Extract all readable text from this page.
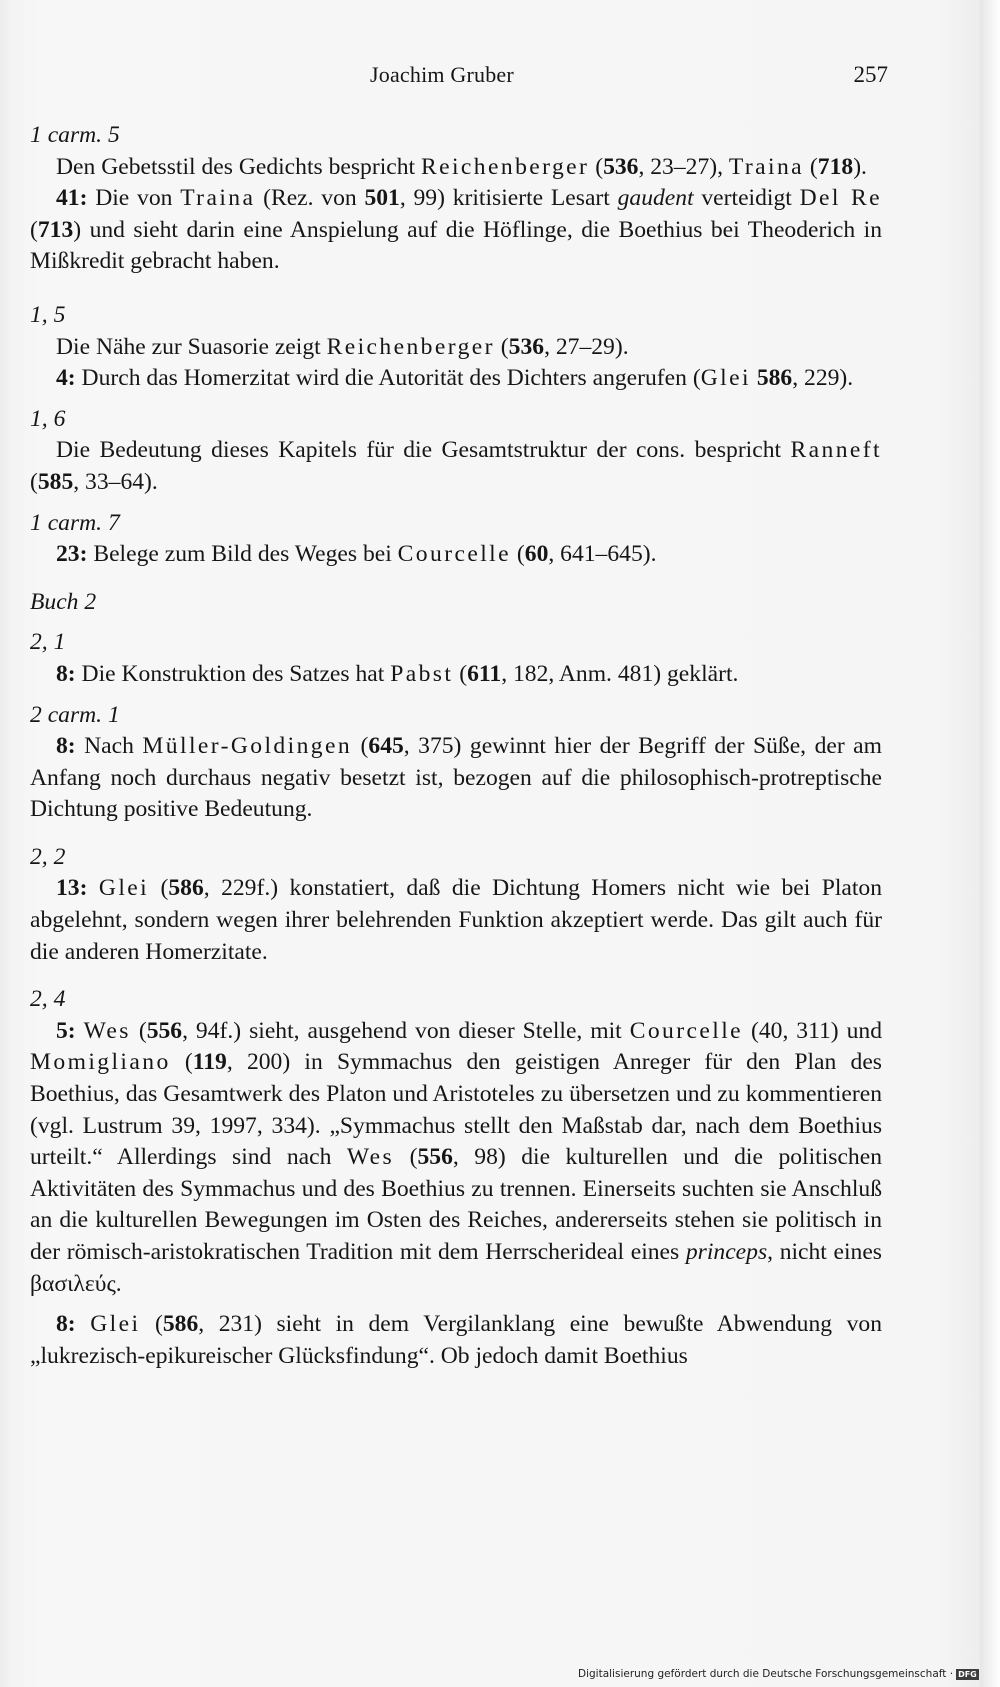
Joachim Gruber	257

1 carm. 5

Den Gebetsstil des Gedichts bespricht Reichenberger (536, 23–27), Traina (718).

41: Die von Traina (Rez. von 501, 99) kritisierte Lesart gaudent verteidigt Del Re (713) und sieht darin eine Anspielung auf die Höflinge, die Boethius bei Theoderich in Mißkredit gebracht haben.

1, 5

Die Nähe zur Suasorie zeigt Reichenberger (536, 27–29).

4: Durch das Homerzitat wird die Autorität des Dichters angerufen (Glei 586, 229).

1, 6

Die Bedeutung dieses Kapitels für die Gesamtstruktur der cons. bespricht Ranneft (585, 33–64).

1 carm. 7

23: Belege zum Bild des Weges bei Courcelle (60, 641–645).

Buch 2

2, 1

8: Die Konstruktion des Satzes hat Pabst (611, 182, Anm. 481) geklärt.

2 carm. 1

8: Nach Müller-Goldingen (645, 375) gewinnt hier der Begriff der Süße, der am Anfang noch durchaus negativ besetzt ist, bezogen auf die philosophisch-protreptische Dichtung positive Bedeutung.

2, 2

13: Glei (586, 229f.) konstatiert, daß die Dichtung Homers nicht wie bei Platon abgelehnt, sondern wegen ihrer belehrenden Funktion akzeptiert werde. Das gilt auch für die anderen Homerzitate.

2, 4

5: Wes (556, 94f.) sieht, ausgehend von dieser Stelle, mit Courcelle (40, 311) und Momigliano (119, 200) in Symmachus den geistigen Anreger für den Plan des Boethius, das Gesamtwerk des Platon und Aristoteles zu übersetzen und zu kommentieren (vgl. Lustrum 39, 1997, 334). „Symmachus stellt den Maßstab dar, nach dem Boethius urteilt.“ Allerdings sind nach Wes (556, 98) die kulturellen und die politischen Aktivitäten des Symmachus und des Boethius zu trennen. Einerseits suchten sie Anschluß an die kulturellen Bewegungen im Osten des Reiches, andererseits stehen sie politisch in der römisch-aristokratischen Tradition mit dem Herrscherideal eines princeps, nicht eines βασιλεύς.

8: Glei (586, 231) sieht in dem Vergilanklang eine bewußte Abwendung von „lukrezisch-epikureischer Glücksfindung“. Ob jedoch damit Boethius

Digitalisierung gefördert durch die Deutsche Forschungsgemeinschaft · DFG
